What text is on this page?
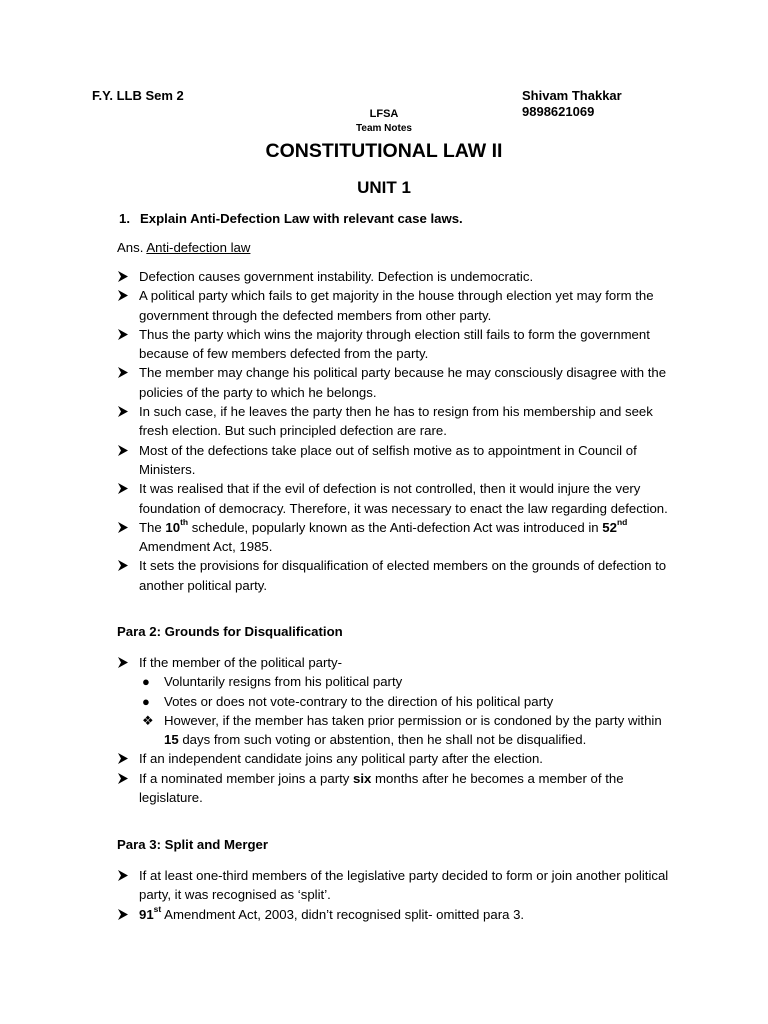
F.Y. LLB Sem 2	Shivam Thakkar
9898621069
LFSA
Team Notes
CONSTITUTIONAL LAW II
UNIT 1
1. Explain Anti-Defection Law with relevant case laws.
Ans. Anti-defection law
Defection causes government instability. Defection is undemocratic.
A political party which fails to get majority in the house through election yet may form the government through the defected members from other party.
Thus the party which wins the majority through election still fails to form the government because of few members defected from the party.
The member may change his political party because he may consciously disagree with the policies of the party to which he belongs.
In such case, if he leaves the party then he has to resign from his membership and seek fresh election. But such principled defection are rare.
Most of the defections take place out of selfish motive as to appointment in Council of Ministers.
It was realised that if the evil of defection is not controlled, then it would injure the very foundation of democracy. Therefore, it was necessary to enact the law regarding defection.
The 10th schedule, popularly known as the Anti-defection Act was introduced in 52nd Amendment Act, 1985.
It sets the provisions for disqualification of elected members on the grounds of defection to another political party.
Para 2: Grounds for Disqualification
If the member of the political party-
● Voluntarily resigns from his political party
● Votes or does not vote-contrary to the direction of his political party
❖ However, if the member has taken prior permission or is condoned by the party within 15 days from such voting or abstention, then he shall not be disqualified.
If an independent candidate joins any political party after the election.
If a nominated member joins a party six months after he becomes a member of the legislature.
Para 3: Split and Merger
If at least one-third members of the legislative party decided to form or join another political party, it was recognised as ‘split’.
91st Amendment Act, 2003, didn’t recognised split- omitted para 3.
